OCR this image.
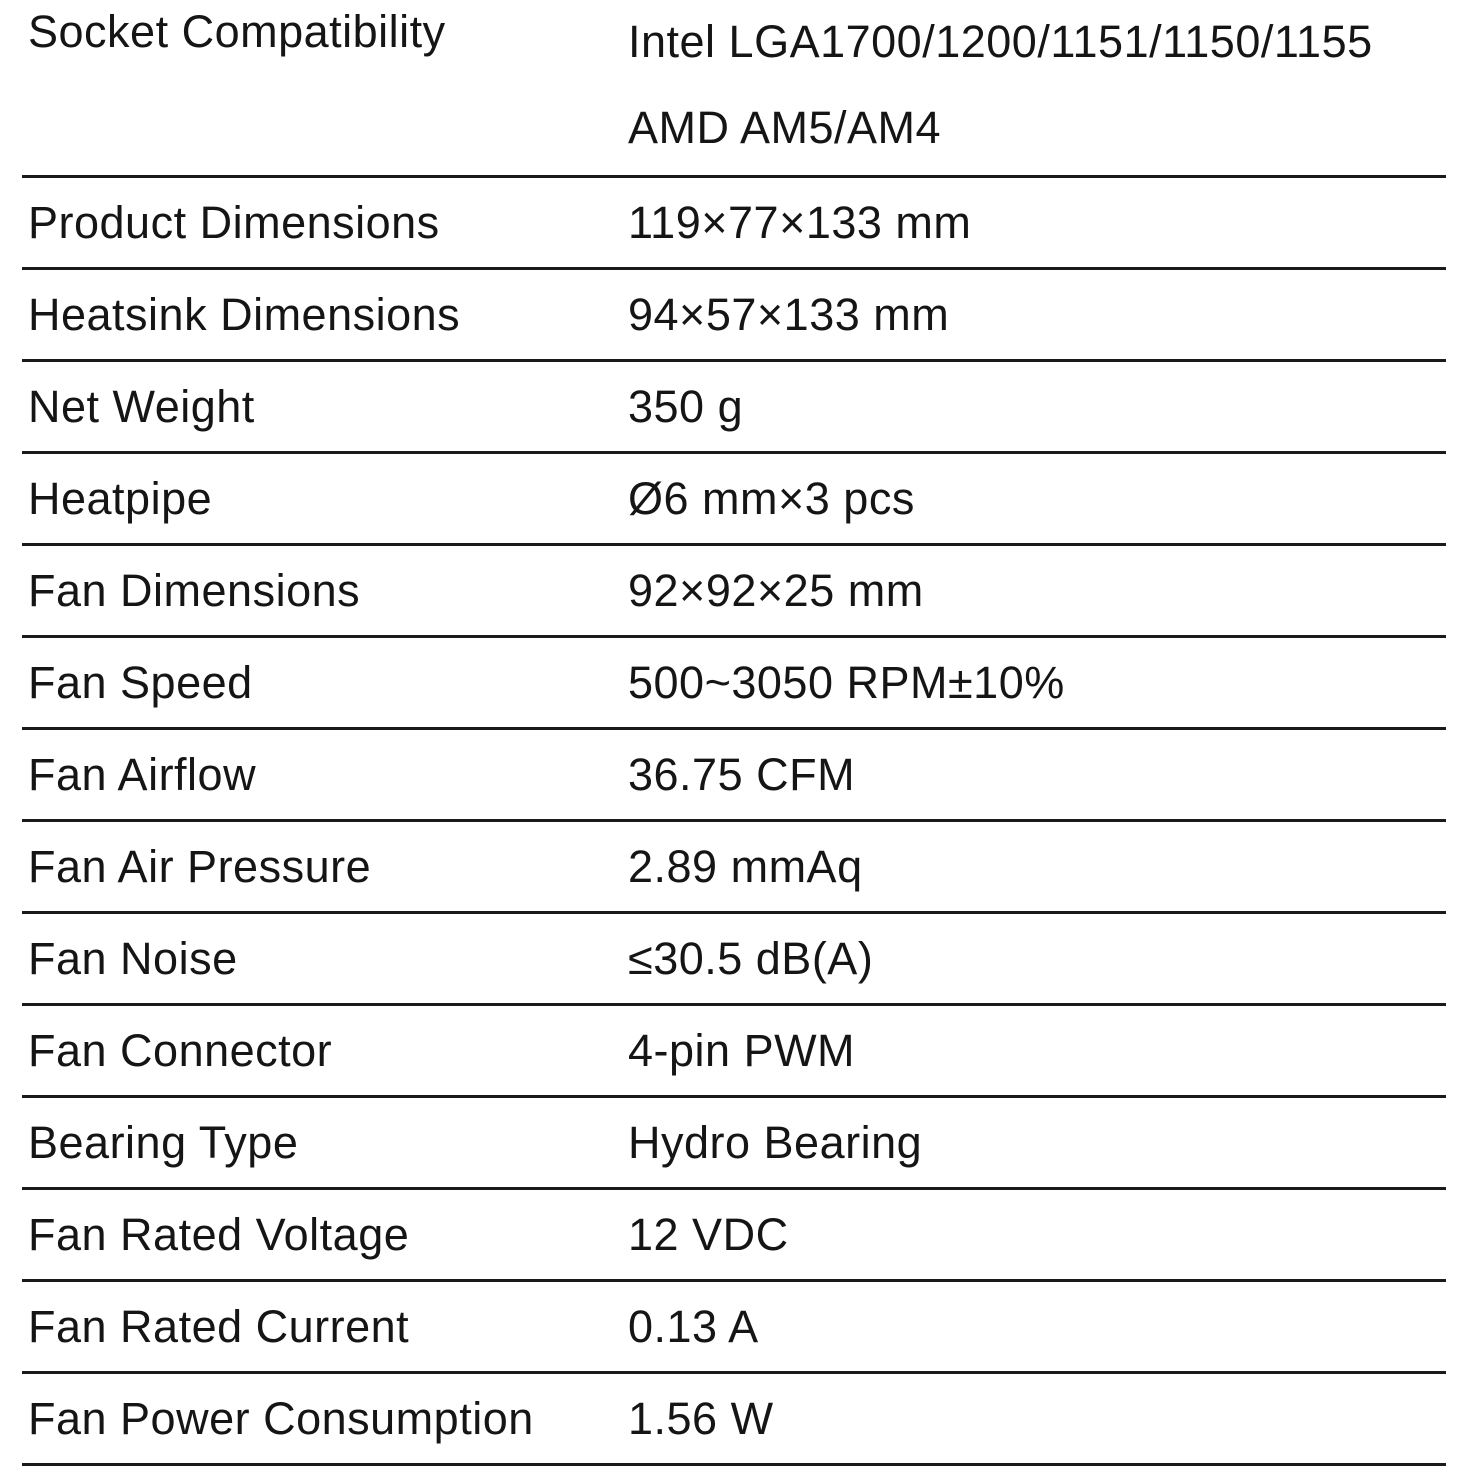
Socket Compatibility	Intel LGA1700/1200/1151/1150/1155
AMD AM5/AM4
Product Dimensions	119×77×133 mm
Heatsink Dimensions	94×57×133 mm
Net Weight	350 g
Heatpipe	Ø6 mm×3 pcs
Fan Dimensions	92×92×25 mm
Fan Speed	500~3050 RPM±10%
Fan Airflow	36.75 CFM
Fan Air Pressure	2.89 mmAq
Fan Noise	≤30.5 dB(A)
Fan Connector	4-pin PWM
Bearing Type	Hydro Bearing
Fan Rated Voltage	12 VDC
Fan Rated Current	0.13 A
Fan Power Consumption	1.56 W
